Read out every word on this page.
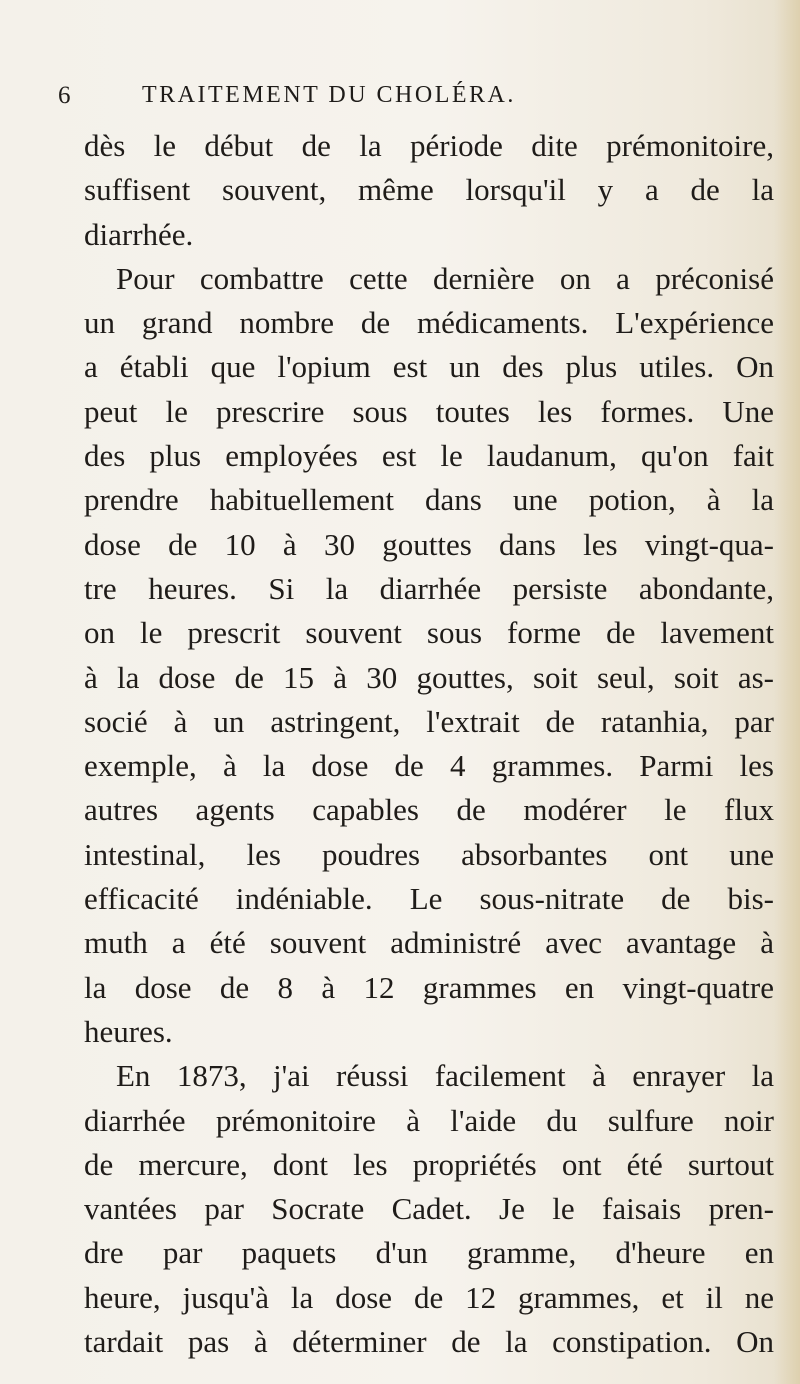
6	TRAITEMENT DU CHOLÉRA.
dès le début de la période dite prémonitoire,
suffisent souvent, même lorsqu'il y a de la
diarrhée.
Pour combattre cette dernière on a préconisé
un grand nombre de médicaments. L'expérience
a établi que l'opium est un des plus utiles. On
peut le prescrire sous toutes les formes. Une
des plus employées est le laudanum, qu'on fait
prendre habituellement dans une potion, à la
dose de 10 à 30 gouttes dans les vingt-qua-
tre heures. Si la diarrhée persiste abondante,
on le prescrit souvent sous forme de lavement
à la dose de 15 à 30 gouttes, soit seul, soit as-
socié à un astringent, l'extrait de ratanhia, par
exemple, à la dose de 4 grammes. Parmi les
autres agents capables de modérer le flux
intestinal, les poudres absorbantes ont une
efficacité indéniable. Le sous-nitrate de bis-
muth a été souvent administré avec avantage à
la dose de 8 à 12 grammes en vingt-quatre
heures.
En 1873, j'ai réussi facilement à enrayer la
diarrhée prémonitoire à l'aide du sulfure noir
de mercure, dont les propriétés ont été surtout
vantées par Socrate Cadet. Je le faisais pren-
dre par paquets d'un gramme, d'heure en
heure, jusqu'à la dose de 12 grammes, et il ne
tardait pas à déterminer de la constipation. On
